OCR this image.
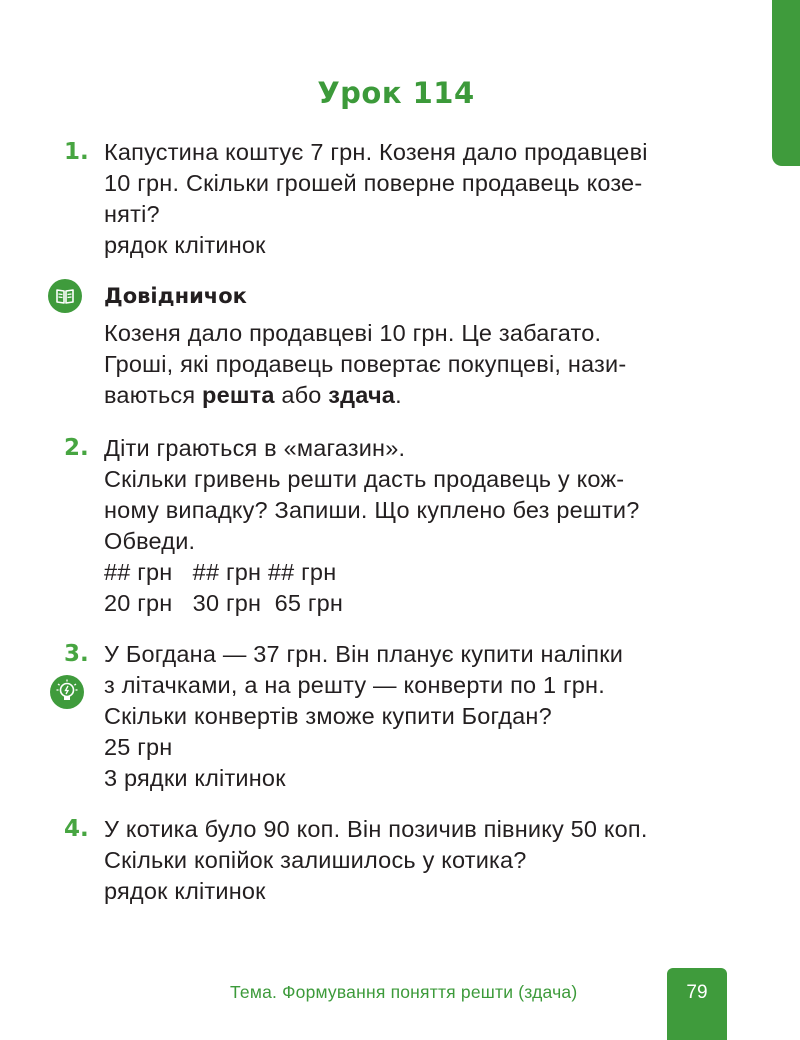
Урок 114
1. Капустина коштує 7 грн. Козеня дало продавцеві
10 грн. Скільки грошей поверне продавець козе-
няті?
рядок клітинок
Довідничок
Козеня дало продавцеві 10 грн. Це забагато.
Гроші, які продавець повертає покупцеві, нази-
ваються решта або здача.
2. Діти граються в «магазин».
Скільки гривень решти дасть продавець у кож-
ному випадку? Запиши. Що куплено без решти?
Обведи.
## грн   ## грн ## грн
20 грн   30 грн  65 грн
3. У Богдана — 37 грн. Він планує купити наліпки
з літачками, а на решту — конверти по 1 грн.
Скільки конвертів зможе купити Богдан?
25 грн
3 рядки клітинок
4. У котика було 90 коп. Він позичив півнику 50 коп.
Скільки копійок залишилось у котика?
рядок клітинок
Тема. Формування поняття решти (здача)	79
